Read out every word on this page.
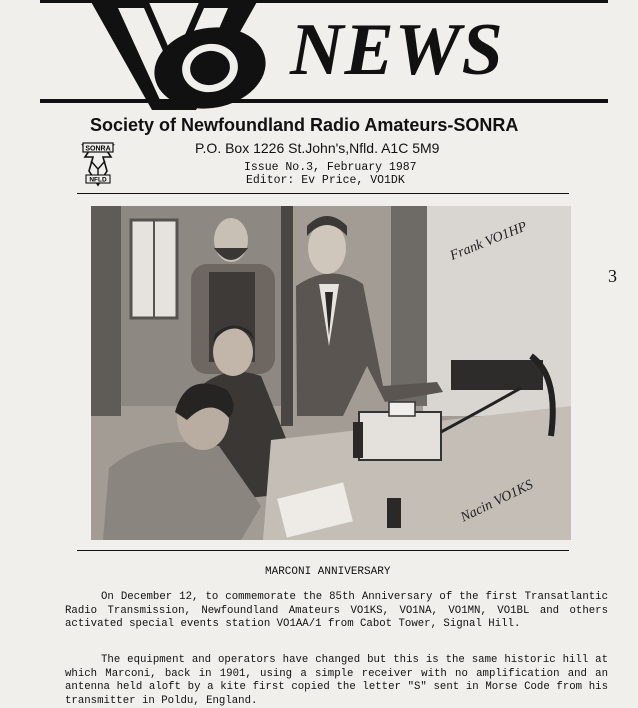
NEWS
Society of Newfoundland Radio Amateurs-SONRA
P.O. Box 1226 St.John's,Nfld. A1C 5M9
SONRA
NFLD
Issue No.3, February 1987
Editor: Ev Price, VO1DK
Frank VO1HP
Nacin VO1KS
3
MARCONI ANNIVERSARY
On December 12, to commemorate the 85th Anniversary of the first Transatlantic Radio Transmission, Newfoundland Amateurs VO1KS, VO1NA, VO1MN, VO1BL and others activated special events station VO1AA/1 from Cabot Tower, Signal Hill.
The equipment and operators have changed but this is the same historic hill at which Marconi, back in 1901, using a simple receiver with no amplification and an antenna held aloft by a kite first copied the letter "S" sent in Morse Code from his transmitter in Poldu, England.
